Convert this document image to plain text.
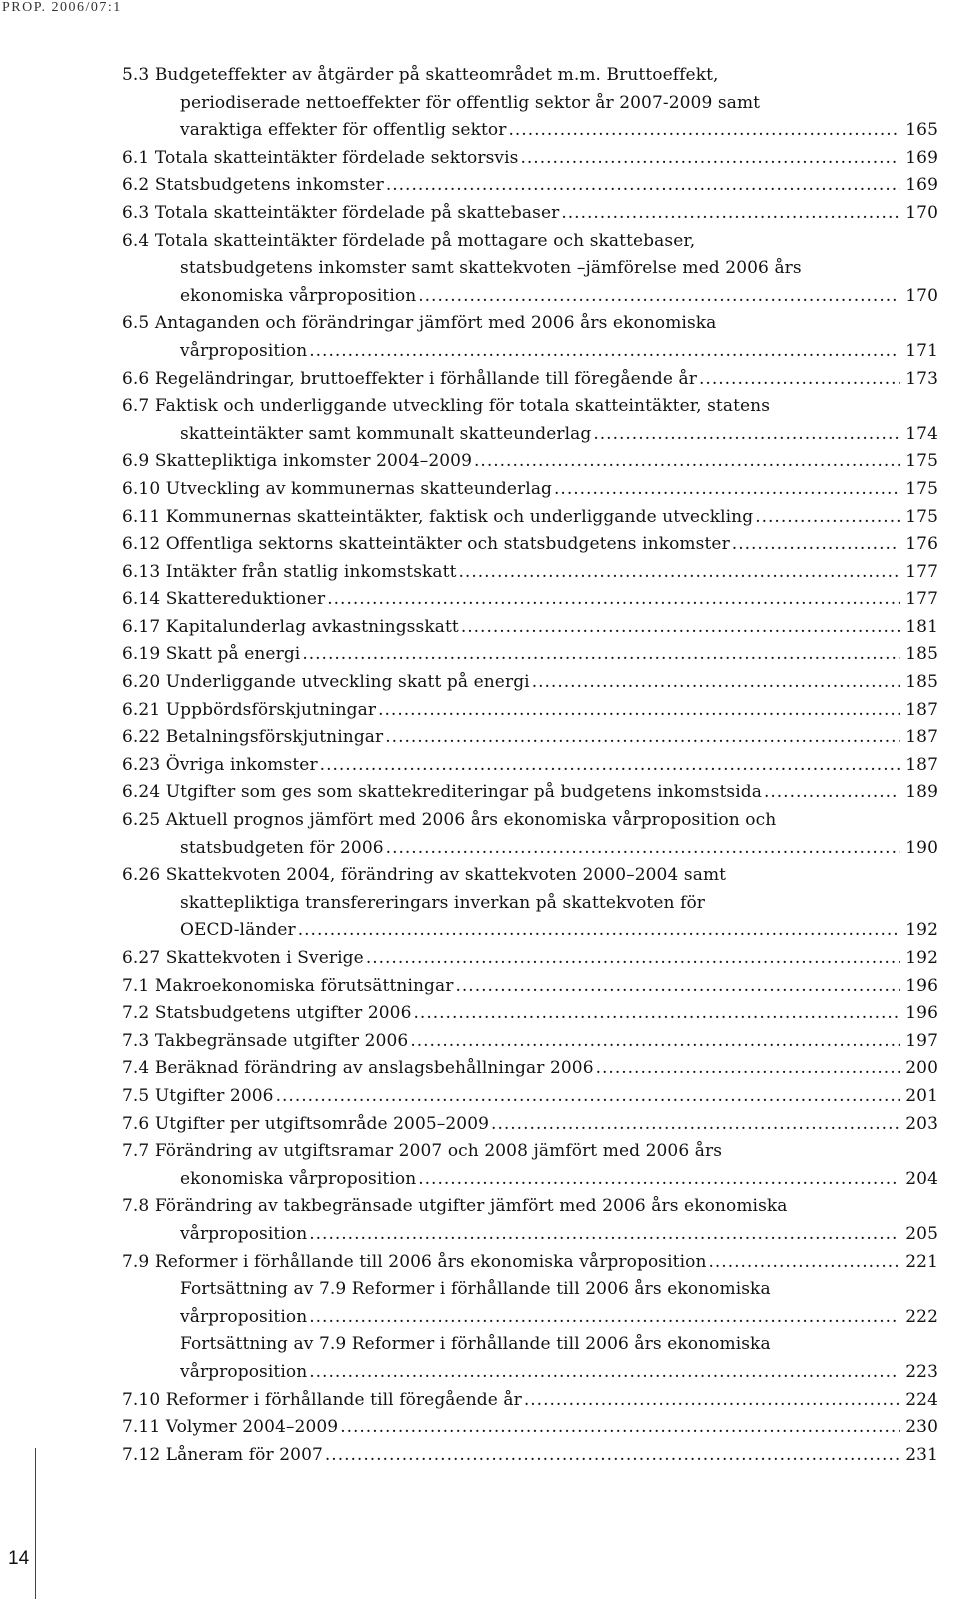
PROP. 2006/07:1
5.3 Budgeteffekter av åtgärder på skatteområdet m.m. Bruttoeffekt,
periodiserade nettoeffekter för offentlig sektor år 2007-2009 samt
varaktiga effekter för offentlig sektor .....	165
6.1 Totala skatteintäkter fördelade sektorsvis .....	169
6.2 Statsbudgetens inkomster .....	169
6.3 Totala skatteintäkter fördelade på skattebaser .....	170
6.4 Totala skatteintäkter fördelade på mottagare och skattebaser,
statsbudgetens inkomster samt skattekvoten –jämförelse med 2006 års
ekonomiska vårproposition .....	170
6.5 Antaganden och förändringar jämfört med 2006 års ekonomiska
vårproposition .....	171
6.6 Regeländringar, bruttoeffekter i förhållande till föregående år .....	173
6.7 Faktisk och underliggande utveckling för totala skatteintäkter, statens
skatteintäkter samt kommunalt skatteunderlag .....	174
6.9 Skattepliktiga inkomster 2004–2009 .....	175
6.10 Utveckling av kommunernas skatteunderlag .....	175
6.11 Kommunernas skatteintäkter, faktisk och underliggande utveckling .....	175
6.12 Offentliga sektorns skatteintäkter och statsbudgetens inkomster .....	176
6.13 Intäkter från statlig inkomstskatt .....	177
6.14 Skattereduktioner .....	177
6.17 Kapitalunderlag avkastningsskatt .....	181
6.19 Skatt på energi .....	185
6.20 Underliggande utveckling skatt på energi .....	185
6.21 Uppbördsförskjutningar .....	187
6.22 Betalningsförskjutningar .....	187
6.23 Övriga inkomster .....	187
6.24 Utgifter som ges som skattekrediteringar på budgetens inkomstsida .....	189
6.25 Aktuell prognos jämfört med 2006 års ekonomiska vårproposition och
statsbudgeten för 2006 .....	190
6.26 Skattekvoten 2004, förändring av skattekvoten 2000–2004 samt
skattepliktiga transfereringars inverkan på skattekvoten för
OECD-länder .....	192
6.27 Skattekvoten i Sverige .....	192
7.1 Makroekonomiska förutsättningar .....	196
7.2 Statsbudgetens utgifter 2006 .....	196
7.3 Takbegränsade utgifter 2006 .....	197
7.4 Beräknad förändring av anslagsbehållningar 2006 .....	200
7.5 Utgifter 2006 .....	201
7.6 Utgifter per utgiftsområde 2005–2009 .....	203
7.7 Förändring av utgiftsramar 2007 och 2008 jämfört med 2006 års
ekonomiska vårproposition .....	204
7.8 Förändring av takbegränsade utgifter jämfört med 2006 års ekonomiska
vårproposition .....	205
7.9 Reformer i förhållande till 2006 års ekonomiska vårproposition .....	221
Fortsättning av 7.9 Reformer i förhållande till 2006 års ekonomiska
vårproposition .....	222
Fortsättning av 7.9 Reformer i förhållande till 2006 års ekonomiska
vårproposition .....	223
7.10 Reformer i förhållande till föregående år .....	224
7.11 Volymer 2004–2009 .....	230
7.12 Låneram för 2007 .....	231
14
